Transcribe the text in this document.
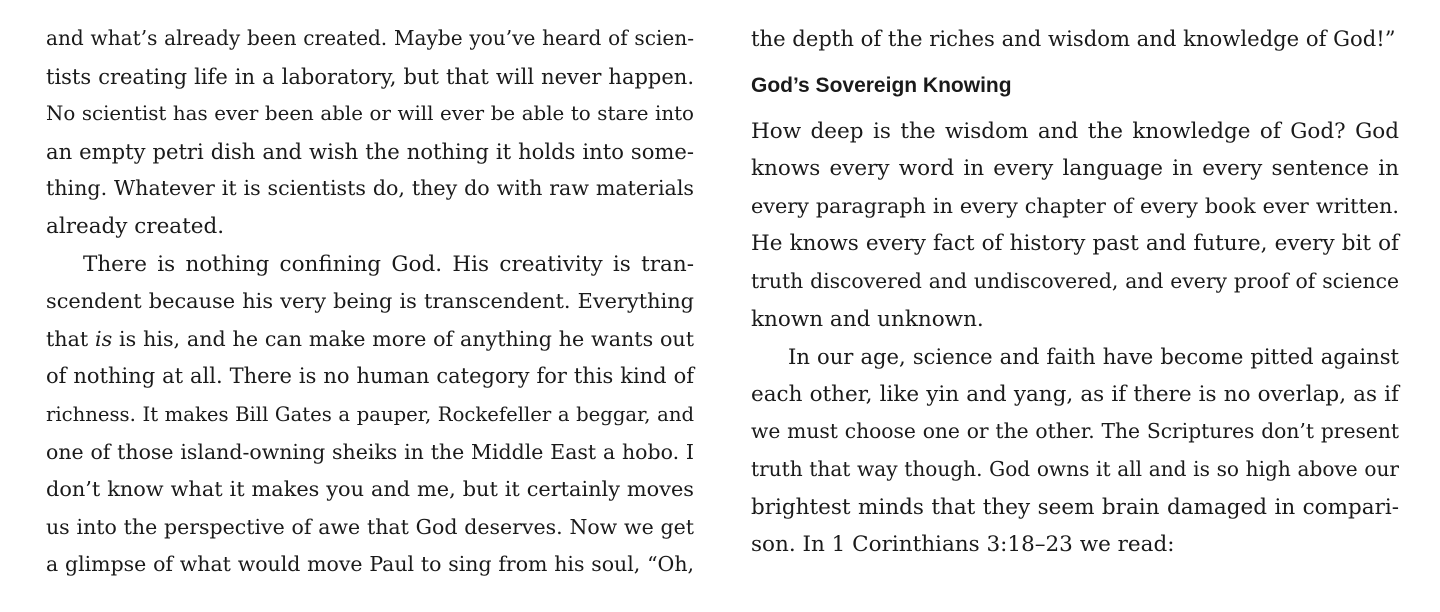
and what’s already been created. Maybe you’ve heard of scien-
tists creating life in a laboratory, but that will never happen.
No scientist has ever been able or will ever be able to stare into
an empty petri dish and wish the nothing it holds into some-
thing. Whatever it is scientists do, they do with raw materials
already created.
There is nothing confining God. His creativity is tran-
scendent because his very being is transcendent. Everything
that is is his, and he can make more of anything he wants out
of nothing at all. There is no human category for this kind of
richness. It makes Bill Gates a pauper, Rockefeller a beggar, and
one of those island-owning sheiks in the Middle East a hobo. I
don’t know what it makes you and me, but it certainly moves
us into the perspective of awe that God deserves. Now we get
a glimpse of what would move Paul to sing from his soul, “Oh,
the depth of the riches and wisdom and knowledge of God!”
God’s Sovereign Knowing
How deep is the wisdom and the knowledge of God? God
knows every word in every language in every sentence in
every paragraph in every chapter of every book ever written.
He knows every fact of history past and future, every bit of
truth discovered and undiscovered, and every proof of science
known and unknown.
In our age, science and faith have become pitted against
each other, like yin and yang, as if there is no overlap, as if
we must choose one or the other. The Scriptures don’t present
truth that way though. God owns it all and is so high above our
brightest minds that they seem brain damaged in compari-
son. In 1 Corinthians 3:18–23 we read:
